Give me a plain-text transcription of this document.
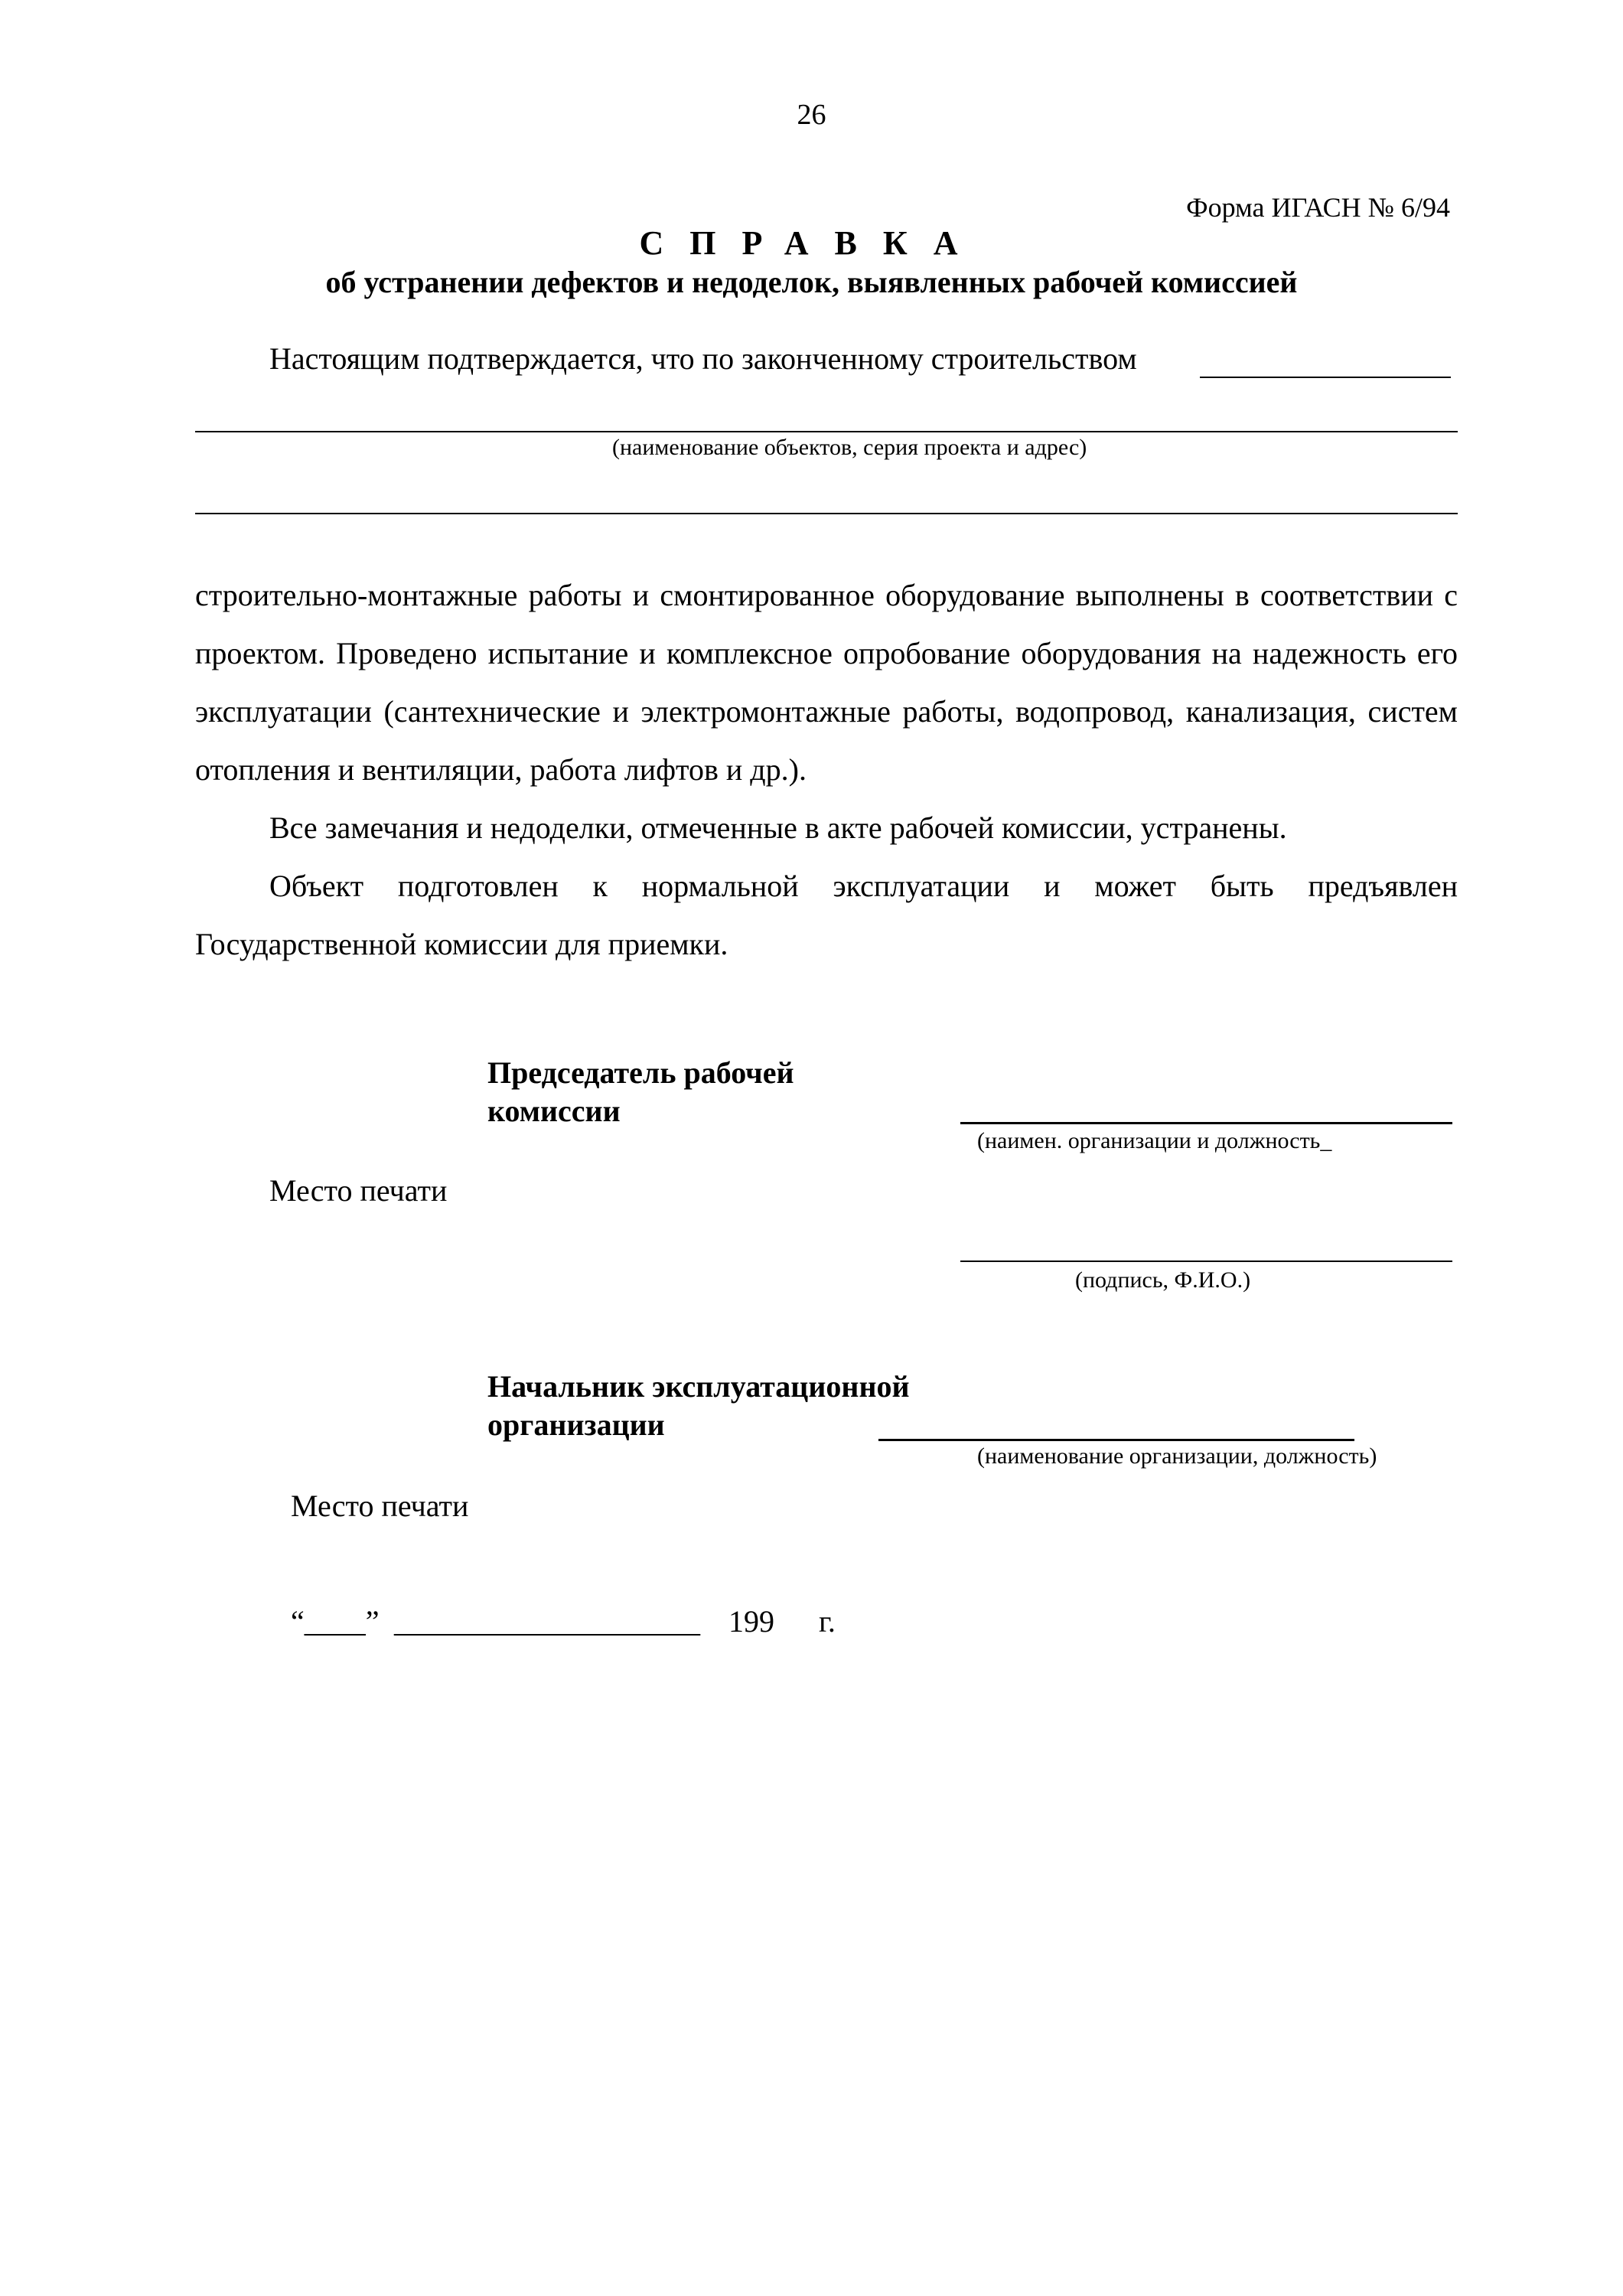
26
Форма ИГАСН № 6/94
СПРАВКА
об устранении дефектов и недоделок, выявленных рабочей комиссией
Настоящим подтверждается, что по законченному строительством
(наименование объектов, серия проекта и адрес)

строительно-монтажные работы и смонтированное оборудование выполнены в соответствии с проектом. Проведено испытание и комплексное опробование оборудования на надежность его эксплуатации (сантехнические и электромонтажные работы, водопровод, канализация, систем отопления и вентиляции, работа лифтов и др.).

Все замечания и недоделки, отмеченные в акте рабочей комиссии, устранены.

Объект подготовлен к нормальной эксплуатации и может быть предъявлен Государственной комиссии для приемки.

Председатель рабочей
комиссии
(наимен. организации и должность_
Место печати
(подпись, Ф.И.О.)
Начальник эксплуатационной
организации
(наименование организации, должность)
Место печати
“____” ____________________ 199 г.
